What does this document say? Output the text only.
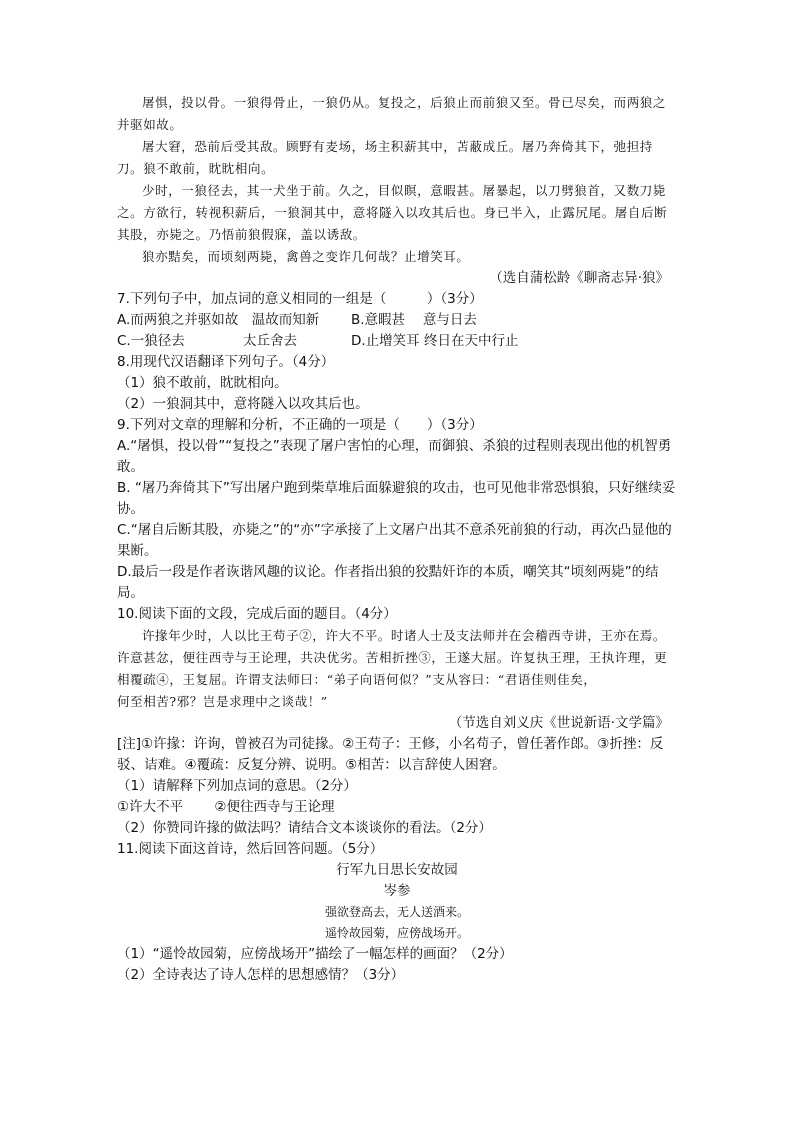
屠惧，投以骨。一狼得骨止，一狼仍从。复投之，后狼止而前狼又至。骨已尽矣，而两狼之并驱如故。

屠大窘，恐前后受其敌。顾野有麦场，场主积薪其中，苫蔽成丘。屠乃奔倚其下，弛担持刀。狼不敢前，眈眈相向。

少时，一狼径去，其一犬坐于前。久之，目似瞑，意暇甚。屠暴起，以刀劈狼首，又数刀毙之。方欲行，转视积薪后，一狼洞其中，意将隧入以攻其后也。身已半入，止露尻尾。屠自后断其股，亦毙之。乃悟前狼假寐，盖以诱敌。

狼亦黠矣，而顷刻两毙，禽兽之变诈几何哉？止增笑耳。

（选自蒲松龄《聊斋志异·狼》

7.下列句子中，加点词的意义相同的一组是（　　　）（3分）

A.而两狼之并驱如故　温故而知新	B.意暇甚　 意与日去
C.一狼径去　　　　 太丘舍去	D.止增笑耳 终日在天中行止

8.用现代汉语翻译下列句子。（4分）

（1）狼不敢前，眈眈相向。

（2）一狼洞其中，意将隧入以攻其后也。

9.下列对文章的理解和分析，不正确的一项是（　　）（3分）

A.“屠惧，投以骨”“复投之”表现了屠户害怕的心理，而御狼、杀狼的过程则表现出他的机智勇敢。

B. “屠乃奔倚其下”写出屠户跑到柴草堆后面躲避狼的攻击，也可见他非常恐惧狼，只好继续妥协。

C.“屠自后断其股，亦毙之”的“亦”字承接了上文屠户出其不意杀死前狼的行动，再次凸显他的果断。

D.最后一段是作者诙谐风趣的议论。作者指出狼的狡黠奸诈的本质，嘲笑其“顷刻两毙”的结局。

10.阅读下面的文段，完成后面的题目。（4分）

许掾年少时，人以比王苟子②，许大不平。时诸人士及支法师并在会稽西寺讲，王亦在焉。许意甚忿，便往西寺与王论理，共决优劣。苦相折挫③，王遂大屈。许复执王理，王执许理，更相覆疏④，王复屈。许谓支法师曰：“弟子向语何似？”支从容曰：“君语佳则佳矣，

何至相苦?邪？岂是求理中之谈哉！”

（节选自刘义庆《世说新语·文学篇》

[注]①许掾：许询，曾被召为司徒掾。②王苟子：王修，小名苟子，曾任著作郎。③折挫：反驳、诘难。④覆疏：反复分辨、说明。⑤相苦：以言辞使人困窘。

（1）请解释下列加点词的意思。（2分）

①许大不平　　 ②便往西寺与王论理

（2）你赞同许掾的做法吗？请结合文本谈谈你的看法。（2分）

11.阅读下面这首诗，然后回答问题。（5分）

行军九日思长安故园

岑参

强欲登高去，无人送酒来。

遥怜故园菊，应傍战场开。

（1）“遥怜故园菊，应傍战场开”描绘了一幅怎样的画面？（2分）

（2）全诗表达了诗人怎样的思想感情？（3分）
